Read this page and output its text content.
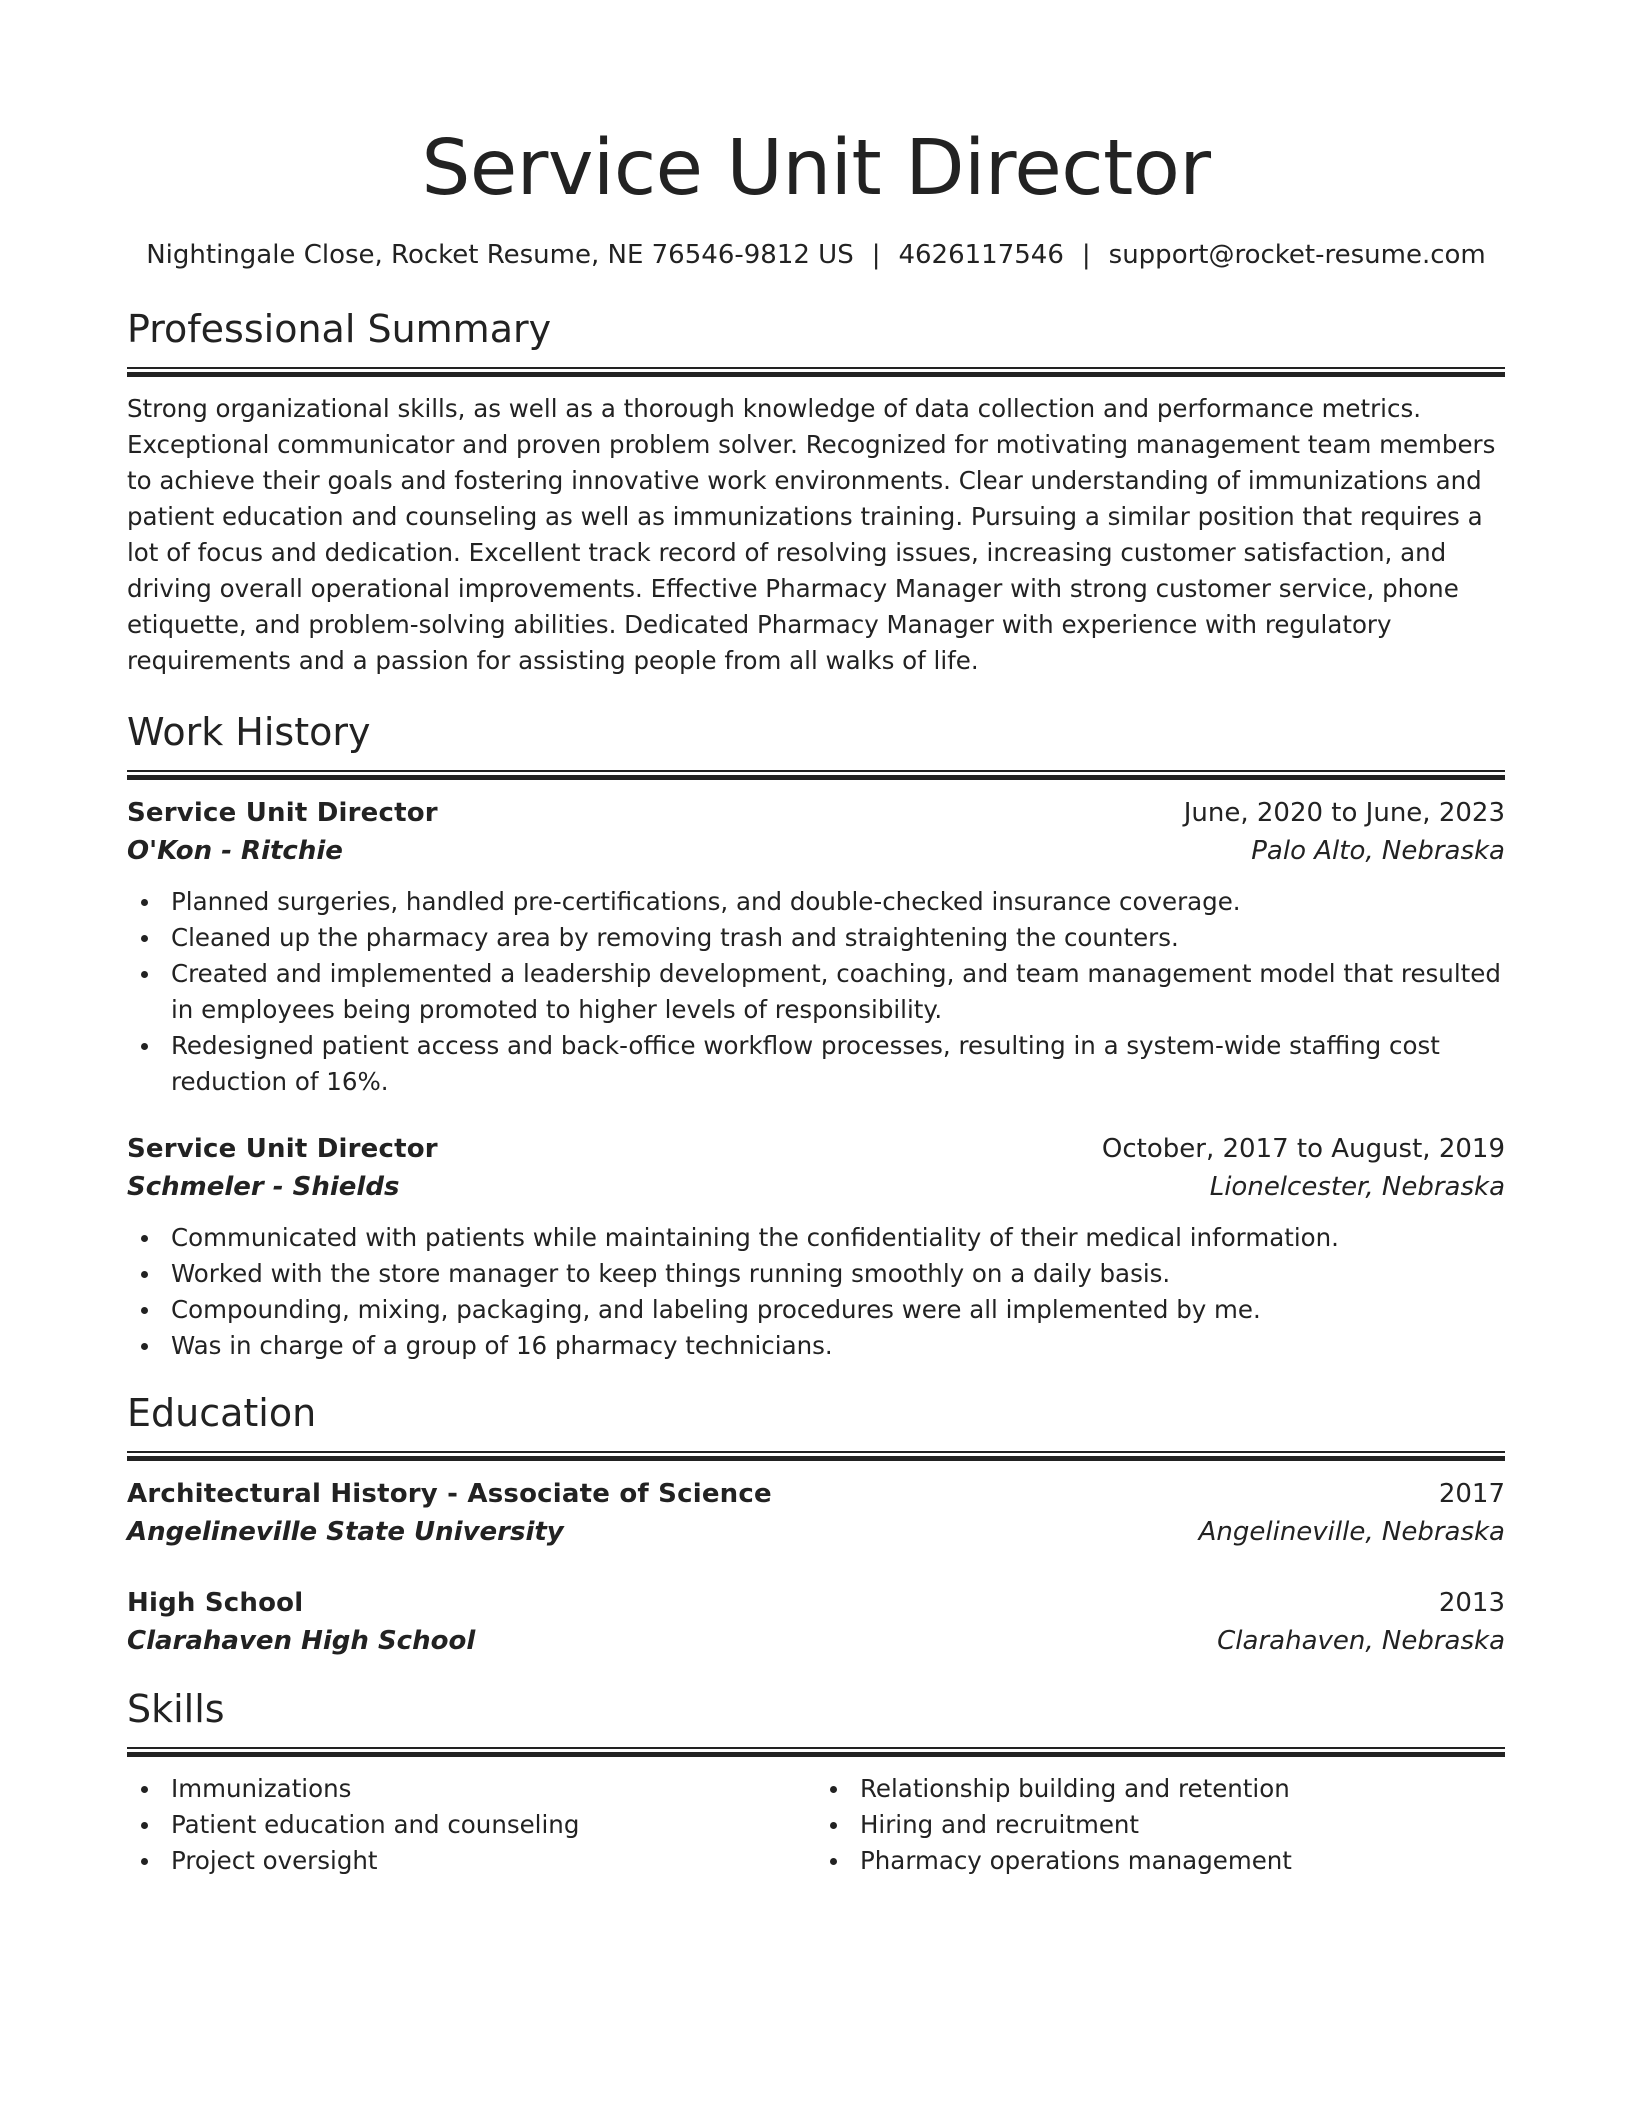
Service Unit Director
Nightingale Close, Rocket Resume, NE 76546-9812 US | 4626117546 | support@rocket-resume.com
Professional Summary

Strong organizational skills, as well as a thorough knowledge of data collection and performance metrics. Exceptional communicator and proven problem solver. Recognized for motivating management team members to achieve their goals and fostering innovative work environments. Clear understanding of immunizations and patient education and counseling as well as immunizations training. Pursuing a similar position that requires a lot of focus and dedication. Excellent track record of resolving issues, increasing customer satisfaction, and driving overall operational improvements. Effective Pharmacy Manager with strong customer service, phone etiquette, and problem-solving abilities. Dedicated Pharmacy Manager with experience with regulatory requirements and a passion for assisting people from all walks of life.

Work History
Service Unit Director	June, 2020 to June, 2023
O'Kon - Ritchie	Palo Alto, Nebraska
Planned surgeries, handled pre-certifications, and double-checked insurance coverage.
Cleaned up the pharmacy area by removing trash and straightening the counters.
Created and implemented a leadership development, coaching, and team management model that resulted in employees being promoted to higher levels of responsibility.
Redesigned patient access and back-office workflow processes, resulting in a system-wide staffing cost reduction of 16%.
Service Unit Director	October, 2017 to August, 2019
Schmeler - Shields	Lionelcester, Nebraska
Communicated with patients while maintaining the confidentiality of their medical information.
Worked with the store manager to keep things running smoothly on a daily basis.
Compounding, mixing, packaging, and labeling procedures were all implemented by me.
Was in charge of a group of 16 pharmacy technicians.
Education
Architectural History - Associate of Science	2017
Angelineville State University	Angelineville, Nebraska
High School	2013
Clarahaven High School	Clarahaven, Nebraska
Skills
Immunizations
Patient education and counseling
Project oversight
Relationship building and retention
Hiring and recruitment
Pharmacy operations management
